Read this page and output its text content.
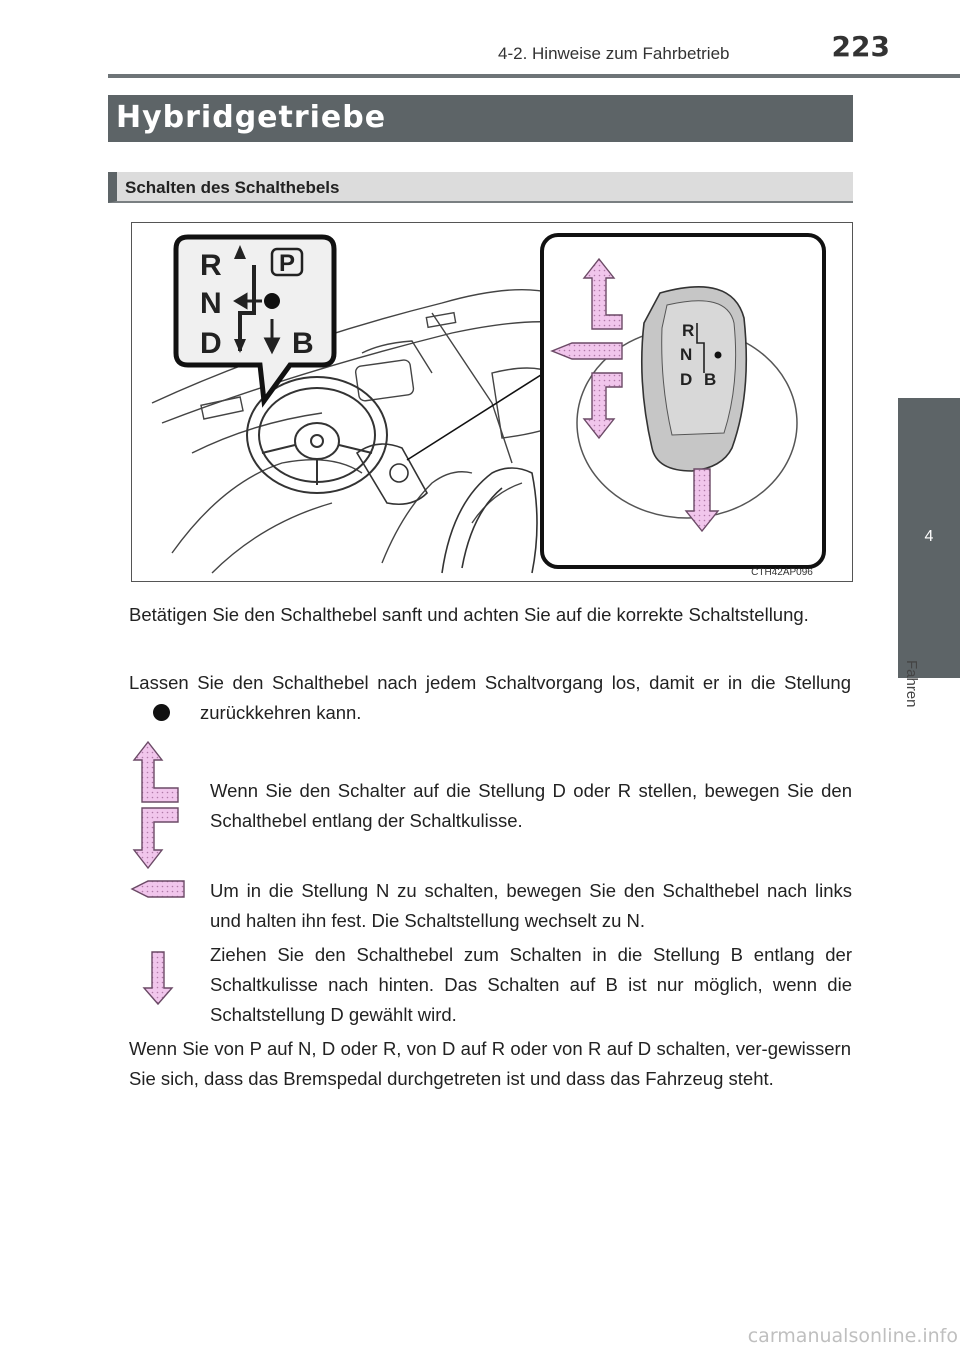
4-2. Hinweise zum Fahrbetrieb	223
Hybridgetriebe
Schalten des Schalthebels
4
Fahren
R
N
D B
P
R
N
D B
CTH42AP096
Betätigen Sie den Schalthebel sanft und achten Sie auf die korrekte Schaltstellung.
Lassen Sie den Schalthebel nach jedem Schaltvorgang los, damit er in die Stellungzurückkehren kann.
Wenn Sie den Schalter auf die Stellung D oder R stellen, bewegen Sie den Schalthebel entlang der Schaltkulisse.
Um in die Stellung N zu schalten, bewegen Sie den Schalthebel nach links und halten ihn fest. Die Schaltstellung wechselt zu N.
Ziehen Sie den Schalthebel zum Schalten in die Stellung B entlang der Schaltkulisse nach hinten. Das Schalten auf B ist nur möglich, wenn die Schaltstellung D gewählt wird.
Wenn Sie von P auf N, D oder R, von D auf R oder von R auf D schalten, ver-gewissern Sie sich, dass das Bremspedal durchgetreten ist und dass das Fahrzeug steht.
carmanualsonline.info
